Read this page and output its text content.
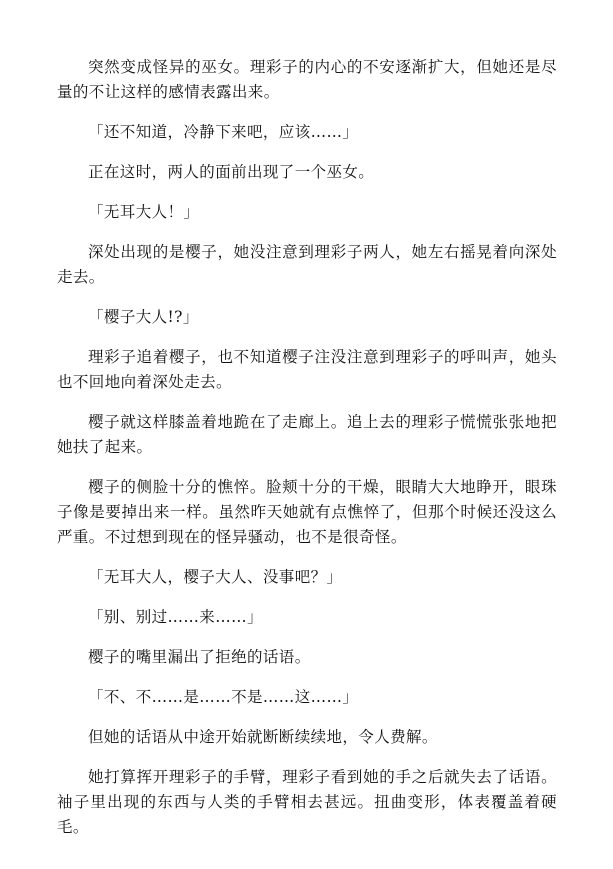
突然变成怪异的巫女。理彩子的内心的不安逐渐扩大，但她还是尽量的不让这样的感情表露出来。

「还不知道，冷静下来吧，应该……」

正在这时，两人的面前出现了一个巫女。

「无耳大人！」

深处出现的是樱子，她没注意到理彩子两人，她左右摇晃着向深处走去。

「樱子大人!?」

理彩子追着樱子，也不知道樱子注没注意到理彩子的呼叫声，她头也不回地向着深处走去。

樱子就这样膝盖着地跪在了走廊上。追上去的理彩子慌慌张张地把她扶了起来。

樱子的侧脸十分的憔悴。脸颊十分的干燥，眼睛大大地睁开，眼珠子像是要掉出来一样。虽然昨天她就有点憔悴了，但那个时候还没这么严重。不过想到现在的怪异骚动，也不是很奇怪。

「无耳大人，樱子大人、没事吧？」

「别、别过……来……」

樱子的嘴里漏出了拒绝的话语。

「不、不……是……不是……这……」

但她的话语从中途开始就断断续续地，令人费解。

她打算挥开理彩子的手臂，理彩子看到她的手之后就失去了话语。袖子里出现的东西与人类的手臂相去甚远。扭曲变形，体表覆盖着硬毛。
